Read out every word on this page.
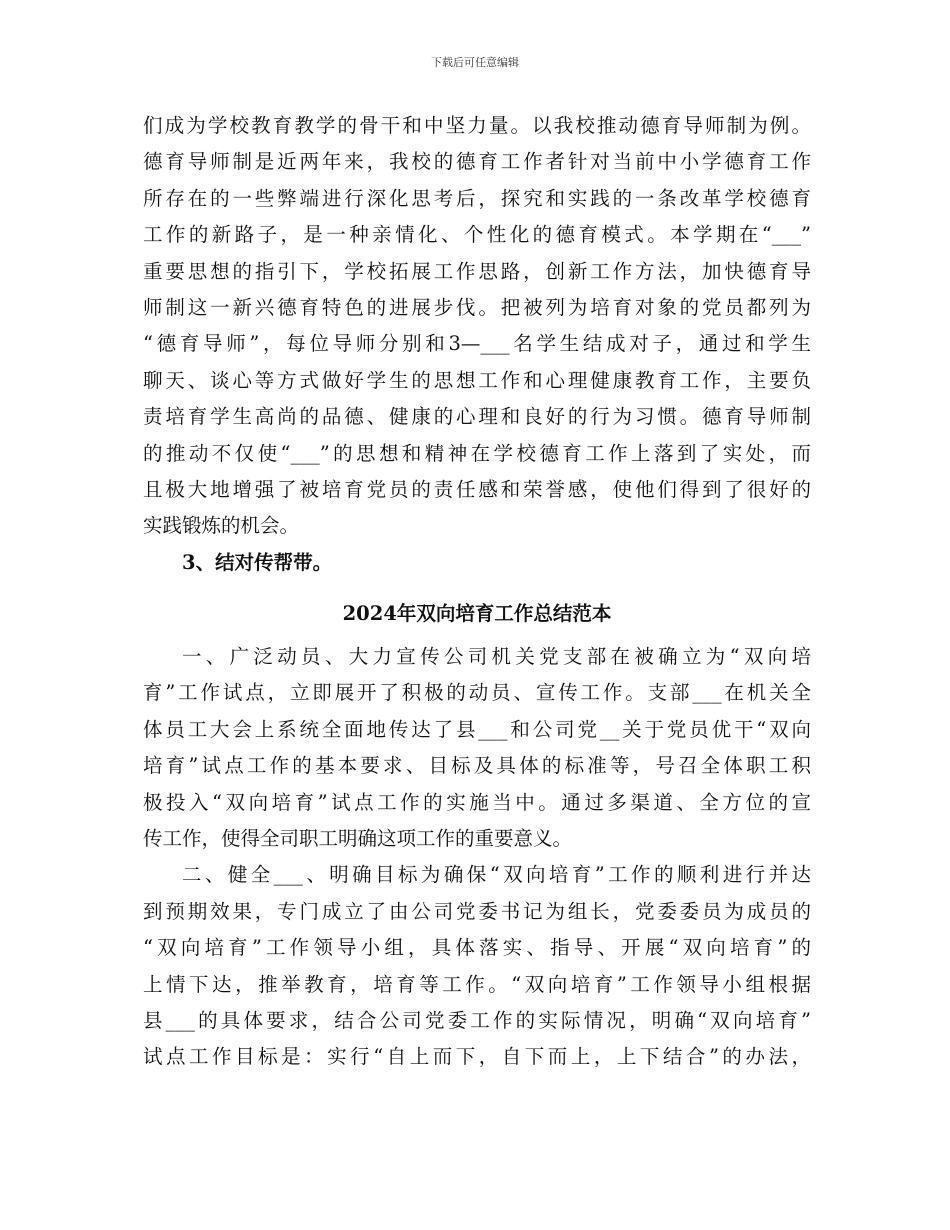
下载后可任意编辑
们成为学校教育教学的骨干和中坚力量。以我校推动德育导师制为例。
德育导师制是近两年来，我校的德育工作者针对当前中小学德育工作
所存在的一些弊端进行深化思考后，探究和实践的一条改革学校德育
工作的新路子，是一种亲情化、个性化的德育模式。本学期在“___”
重要思想的指引下，学校拓展工作思路，创新工作方法，加快德育导
师制这一新兴德育特色的进展步伐。把被列为培育对象的党员都列为
“德育导师”，每位导师分别和3—___名学生结成对子，通过和学生
聊天、谈心等方式做好学生的思想工作和心理健康教育工作，主要负
责培育学生高尚的品德、健康的心理和良好的行为习惯。德育导师制
的推动不仅使“___”的思想和精神在学校德育工作上落到了实处，而
且极大地增强了被培育党员的责任感和荣誉感，使他们得到了很好的
实践锻炼的机会。
3、结对传帮带。
2024年双向培育工作总结范本
一、广泛动员、大力宣传公司机关党支部在被确立为“双向培
育”工作试点，立即展开了积极的动员、宣传工作。支部___在机关全
体员工大会上系统全面地传达了县___和公司党__关于党员优干“双向
培育”试点工作的基本要求、目标及具体的标准等，号召全体职工积
极投入“双向培育”试点工作的实施当中。通过多渠道、全方位的宣
传工作，使得全司职工明确这项工作的重要意义。
二、健全___、明确目标为确保“双向培育”工作的顺利进行并达
到预期效果，专门成立了由公司党委书记为组长，党委委员为成员的
“双向培育”工作领导小组，具体落实、指导、开展“双向培育”的
上情下达，推举教育，培育等工作。“双向培育”工作领导小组根据
县___的具体要求，结合公司党委工作的实际情况，明确“双向培育”
试点工作目标是：实行“自上而下，自下而上，上下结合”的办法，
